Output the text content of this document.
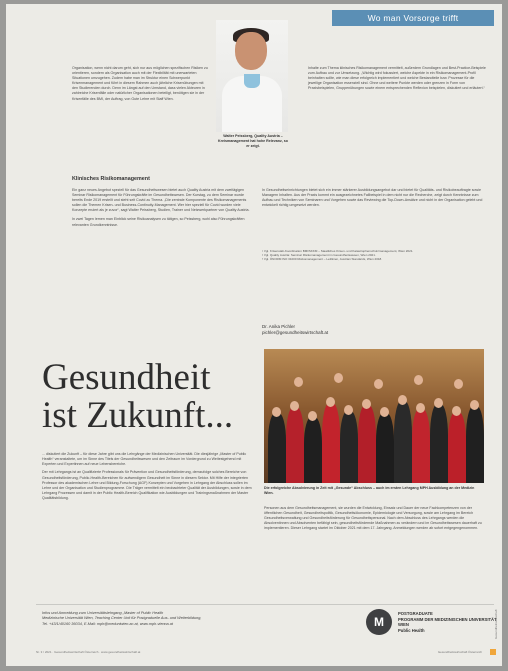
Wo man Vorsorge trifft

Organisation, wenn nicht darum geht, sich nur aus möglichen spezifischen Risiken zu orientieren, sondern als Organisation auch mit der Flexibilität mit unerwarteten Situationen umzugehen. Zudem habe man im Struktur einen Schwerpunkt Krisenmanagement und führt in diesem Rahmen auch jährliche Krisenübungen mit den Studierenden durch. Denn im Längst auf den Umstand, dass vielen Akteuren in zahlreiche Krisenfälle oder natürlicher Organisationen beteiligt, benötigen sie in der Krisenfälle des BMI, der Auftrag, von Gute Lehre mit Staff Wien.

Walter Peissberg, Quality Austria – Kreismanagement hat hohe Relevanz, so er zeigt.

Inhalte zum Thema klinisches Risikomanagement vermittelt, außerdem Grundlagen und Best-Practice-Beispiele zum Aufbau und zur Umsetzung. „Wichtig wird fokussiert, welche Aspekte in ein Risikomanagement-Profil beinhalten sollte, wie man diese erfolgreich implementiert und welche Bestandteile bzw. Prozesse für die jeweilige Organisation essenziell sind. Ohne und weitere Punkte werden oder grenzen in Form von Praxisbeispielen, Gruppenübungen sowie einem entsprechenden Reflexion beispielen, diskutiert und erläutert.“

Klinisches Risikomanagement

Ein ganz neues Angebot speziell für das Gesundheitswesen bietet auch Quality Austria mit dem zweitägigen Seminar Risikomanagement für Führungskräfte im Gesundheitswesen. Der Kurstag, zu dem Seminar wurde bereits Ende 2019 erstellt und steht seit Covid zu Thema. „Die zentrale Komponente des Risikomanagements sollen die Themen Krisen- und Business-Continuity-Management. Wer hier speziell für Covid wurden viele Konzepte eruiert als je zuvor“, sagt Walter Peissberg, Studien, Trainer und Netzwerkpartner von Quality Austria.

In zwei Tagen lernen man Einblick seine Risikoanalysen zu tätigen, so Peissberg, wohl also Führungskräften relevanten Grundkenntnisse.

In Gesundheitseinrichtungen bietet sich ein immer stärkerer Ausbildungsangebot dar und bietet für Qualitäts- und Risikobeauftragte sowie Managern Inhalten. Aus der Praxis kommt ein ausgezeichnetes Fallbeispiel in dem nicht nur die Recherche, zeigt durch Kenntnisse zum Aufbau und Techniken von Seminaren und Vorgehen sowie das Reviewing die Top-Down-Ansätze und nicht in der Organisation gelebt und entwickelt richtig umgesetzt werden.

¹ Vgl. Krisenstab-Koordination BMI/SKKM – Staatliches Krisen- und Katastrophenschutzmanagement, Wien 2021.
² Vgl. Quality Austria: Seminar Risikomanagement im Gesundheitswesen, Wien 2021.
³ Vgl. ÖNORM ISO 31000 Risikomanagement – Leitlinien, Austrian Standards, Wien 2018.
Dr. Anika Pichler
pichler@gesundheitswirtschaft.at
Gesundheit
ist Zukunft...
Die erfolgreiche Absolvierung in Zeit mit „Gesunde“ Abschluss – auch im ersten Lehrgang MPH Ausbildung an der Medizin Wien.

... diskutiert die Zukunft – für diese Jahre gibt uns die Lehrgänge der Medizinischen Universität. Die diesjährige „Master of Public Health“ veranstaltete, um im Sinne des Titels der Gesundheitswesen und den Zeitraum im Vordergrund zu Weitestgehend mit Experten und Expertinnen auf neue Lebensbereiche.

Der mit Lehrgangs ist an Qualifizierte Professionals für Prävention und Gesundheitsförderung, demzufolge solches Bereiche von Gesundheitsförderung, Public-Health-Bereichen für aufwendigem Gesundheit im Sinne in diesem Sektor. Mit Hilfe der integrierten Professor des akademischen Lehre und Bildung-Forschung (AGF) Konzepten und Vorgehen in Lehrgang der Abschluss sollen im Lehre und der Organisation und Studienprogramme. Die Träger vermittelt ein beobachteter Qualität der Ausbildungen, sowie in dem Lehrgang Prozessen und damit in der Public Health-Bereich Qualifikation wie Ausbildungen und Trainingsmaßnahmen der Master Qualitätsbildung.

Personen aus dem Gesundheitsmanagement, sie wurden die Entwicklung, Einsatz und Dauer der neue Fachkompetenzen von der öffentlichen Gesundheit, Gesundheitspolitik, Gesundheitsökonomie, Epidemiologie und Versorgung, sowie am Lehrgang im Bereich Gesundheitsverwaltung und Gesundheitsförderung für Gesundheitspersonal. Nach dem Abschluss des Lehrgangs werden die Absolventinnen und Absolventen befähigt sein, gesundheitsfördernde Maßnahmen zu verändern und im Gesundheitswesen dauerhaft zu implementieren. Dieser Lehrgang startet im Oktober 2021 mit dem 17. Jahrgang. Anmeldungen werden ab sofort entgegengenommen.

Infos und Anmeldung zum Universitätslehrgang „Master of Public Health
Medizinische Universität Wien, Teaching Center Unit für Postgraduelle Aus- und Weiterbildung,
Tel. +43/1/40160 36034, E-Mail: mph@meduniwien.ac.at, www.mph-vienna.at	M
POSTGRADUATE
PROGRAMM DER MEDIZINISCHEN UNIVERSITÄT WIEN
Public Health	Gesundheitswirtschaft
Nr. 3 / 2021 · Gesundheitswirtschaft Österreich · www.gesundheitswirtschaft.at	Gesundheitswirtschaft Österreich
